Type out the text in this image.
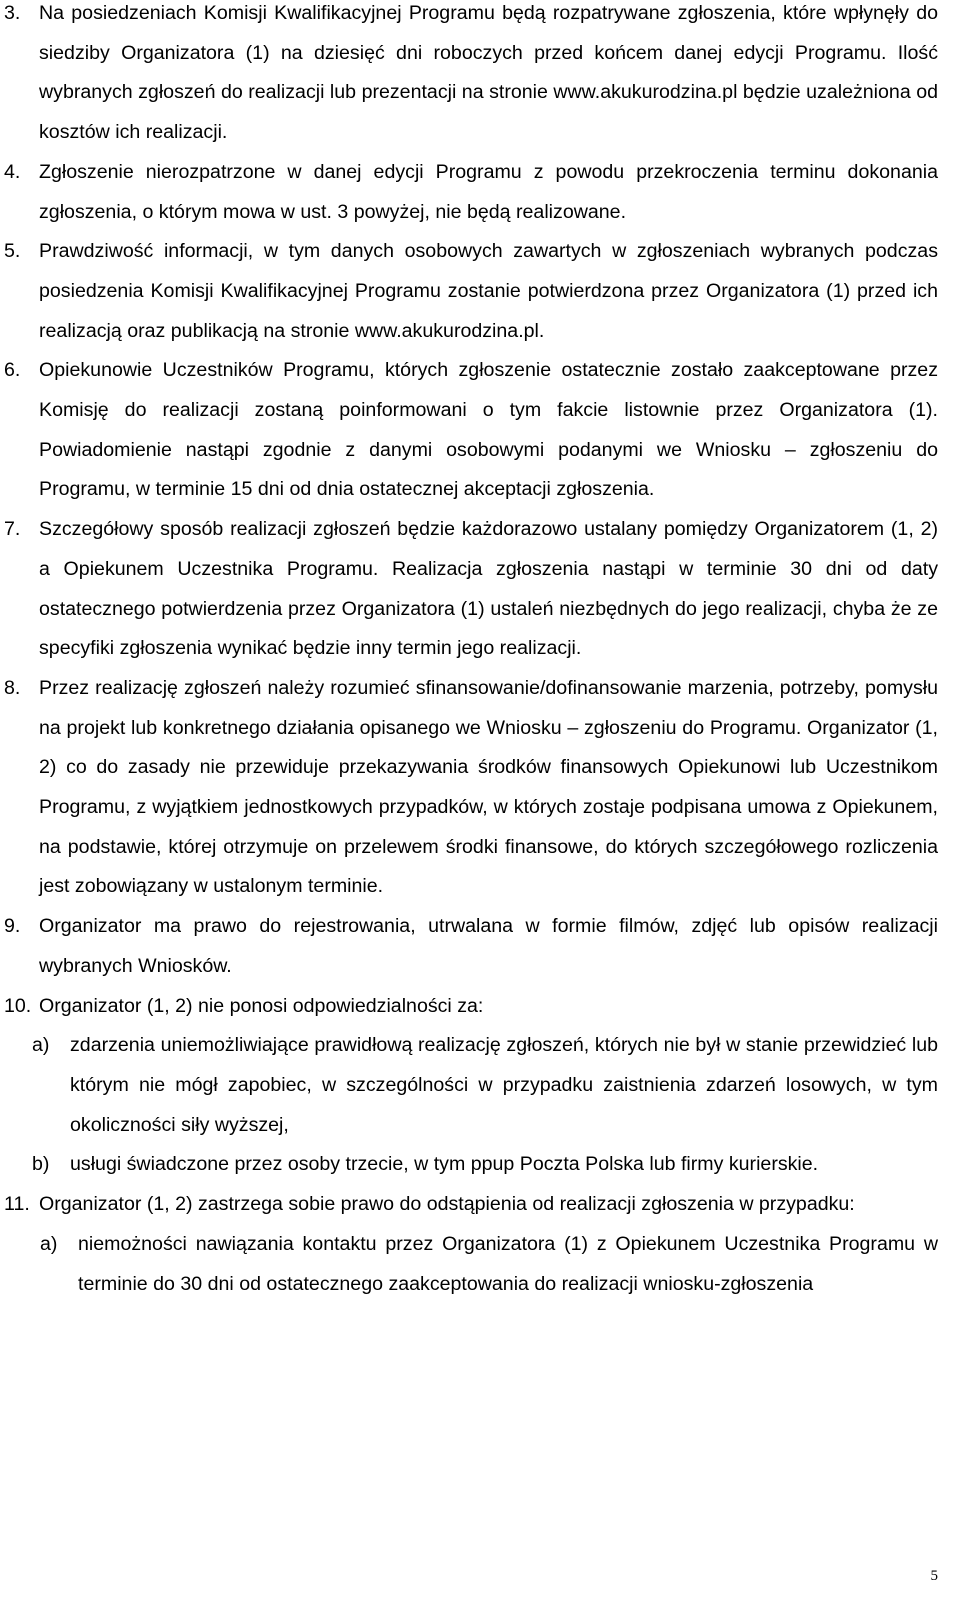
3. Na posiedzeniach Komisji Kwalifikacyjnej Programu będą rozpatrywane zgłoszenia, które wpłynęły do siedziby Organizatora (1) na dziesięć dni roboczych przed końcem danej edycji Programu. Ilość wybranych zgłoszeń do realizacji lub prezentacji na stronie www.akukurodzina.pl będzie uzależniona od kosztów ich realizacji.
4. Zgłoszenie nierozpatrzone w danej edycji Programu z powodu przekroczenia terminu dokonania zgłoszenia, o którym mowa w ust. 3 powyżej, nie będą realizowane.
5. Prawdziwość informacji, w tym danych osobowych zawartych w zgłoszeniach wybranych podczas posiedzenia Komisji Kwalifikacyjnej Programu zostanie potwierdzona przez Organizatora (1) przed ich realizacją oraz publikacją na stronie www.akukurodzina.pl.
6. Opiekunowie Uczestników Programu, których zgłoszenie ostatecznie zostało zaakceptowane przez Komisję do realizacji zostaną poinformowani o tym fakcie listownie przez Organizatora (1). Powiadomienie nastąpi zgodnie z danymi osobowymi podanymi we Wniosku – zgłoszeniu do Programu, w terminie 15 dni od dnia ostatecznej akceptacji zgłoszenia.
7. Szczegółowy sposób realizacji zgłoszeń będzie każdorazowo ustalany pomiędzy Organizatorem (1, 2) a Opiekunem Uczestnika Programu. Realizacja zgłoszenia nastąpi w terminie 30 dni od daty ostatecznego potwierdzenia przez Organizatora (1) ustaleń niezbędnych do jego realizacji, chyba że ze specyfiki zgłoszenia wynikać będzie inny termin jego realizacji.
8. Przez realizację zgłoszeń należy rozumieć sfinansowanie/dofinansowanie marzenia, potrzeby, pomysłu na projekt lub konkretnego działania opisanego we Wniosku – zgłoszeniu do Programu. Organizator (1, 2) co do zasady nie przewiduje przekazywania środków finansowych Opiekunowi lub Uczestnikom Programu, z wyjątkiem jednostkowych przypadków, w których zostaje podpisana umowa z Opiekunem, na podstawie, której otrzymuje on przelewem środki finansowe, do których szczegółowego rozliczenia jest zobowiązany w ustalonym terminie.
9. Organizator ma prawo do rejestrowania, utrwalana w formie filmów, zdjęć lub opisów realizacji wybranych Wniosków.
10. Organizator (1, 2) nie ponosi odpowiedzialności za:
a) zdarzenia uniemożliwiające prawidłową realizację zgłoszeń, których nie był w stanie przewidzieć lub którym nie mógł zapobiec, w szczególności w przypadku zaistnienia zdarzeń losowych, w tym okoliczności siły wyższej,
b) usługi świadczone przez osoby trzecie, w tym ppup Poczta Polska lub firmy kurierskie.
11. Organizator (1, 2) zastrzega sobie prawo do odstąpienia od realizacji zgłoszenia w przypadku:
a) niemożności nawiązania kontaktu przez Organizatora (1) z Opiekunem Uczestnika Programu w terminie do 30 dni od ostatecznego zaakceptowania do realizacji wniosku-zgłoszenia
5
